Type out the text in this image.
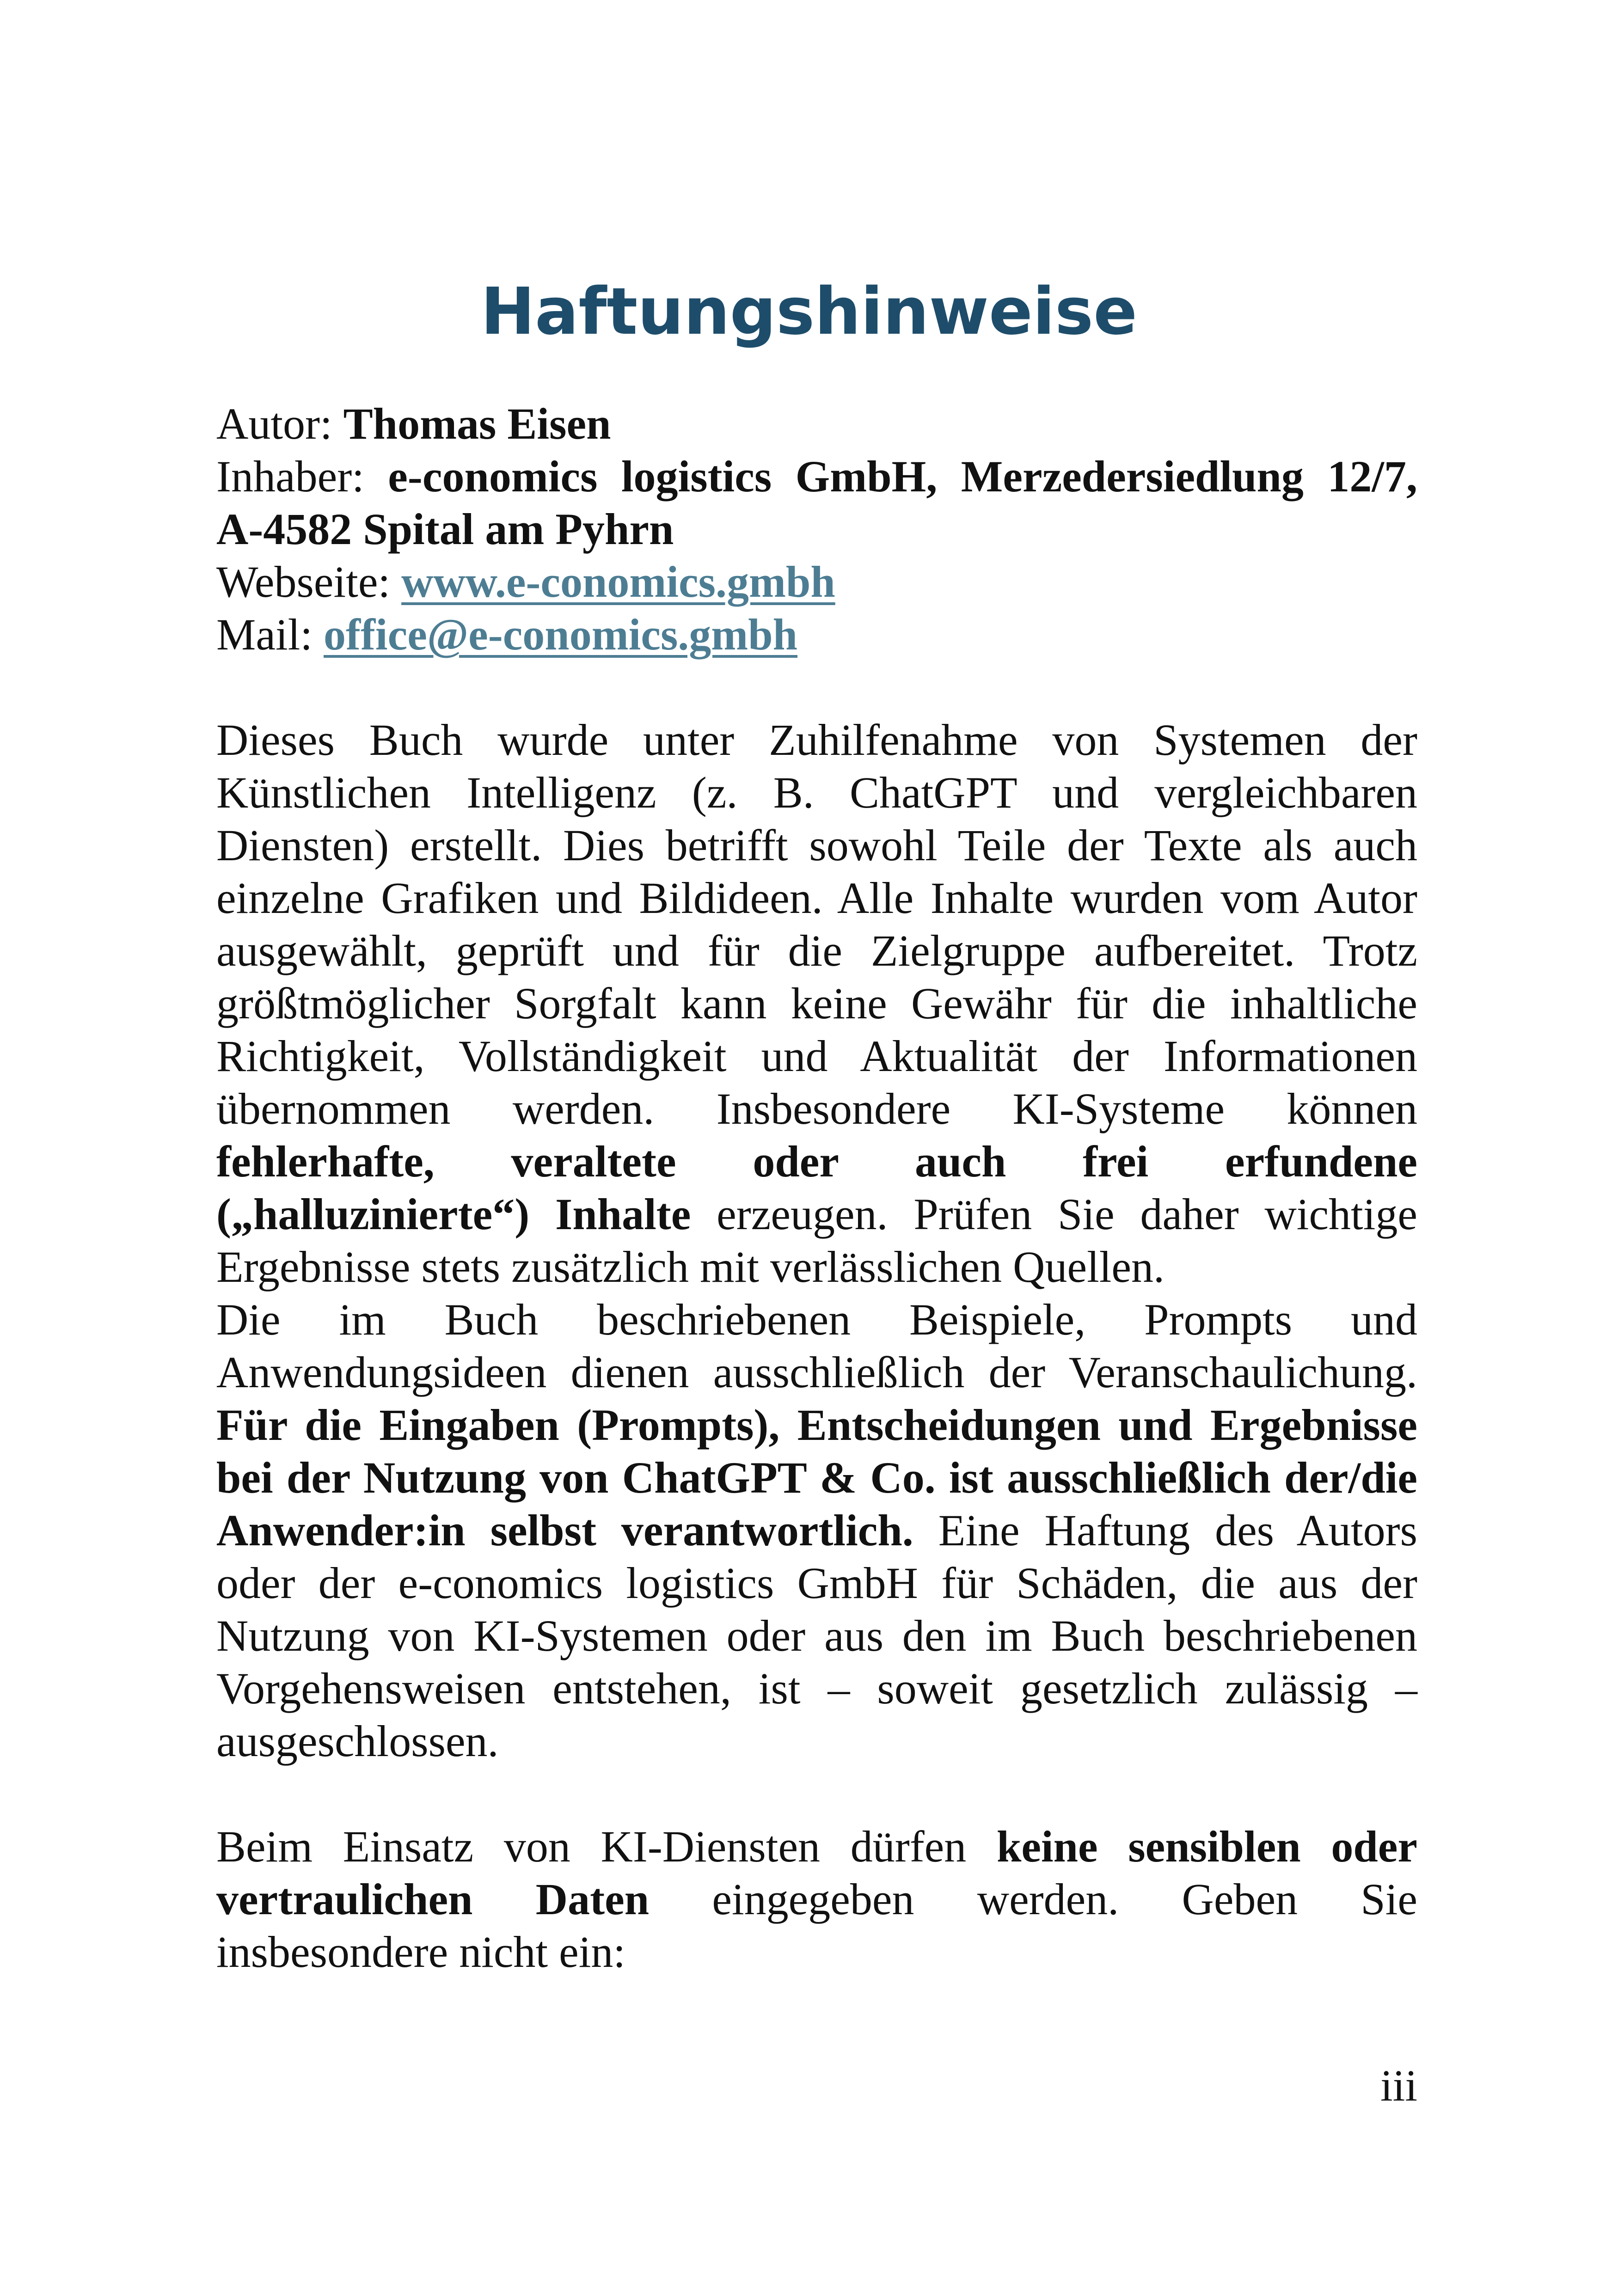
Haftungshinweise
Autor: Thomas Eisen
Inhaber: e-conomics logistics GmbH, Merzedersiedlung 12/7,
A-4582 Spital am Pyhrn
Webseite: www.e-conomics.gmbh
Mail: office@e-conomics.gmbh
Dieses Buch wurde unter Zuhilfenahme von Systemen der
Künstlichen Intelligenz (z. B. ChatGPT und vergleichbaren
Diensten) erstellt. Dies betrifft sowohl Teile der Texte als auch
einzelne Grafiken und Bildideen. Alle Inhalte wurden vom Autor
ausgewählt, geprüft und für die Zielgruppe aufbereitet. Trotz
größtmöglicher Sorgfalt kann keine Gewähr für die inhaltliche
Richtigkeit, Vollständigkeit und Aktualität der Informationen
übernommen werden. Insbesondere KI-Systeme können
fehlerhafte, veraltete oder auch frei erfundene
(„halluzinierte“) Inhalte erzeugen. Prüfen Sie daher wichtige
Ergebnisse stets zusätzlich mit verlässlichen Quellen.
Die im Buch beschriebenen Beispiele, Prompts und
Anwendungsideen dienen ausschließlich der Veranschaulichung.
Für die Eingaben (Prompts), Entscheidungen und Ergebnisse
bei der Nutzung von ChatGPT & Co. ist ausschließlich der/die
Anwender:in selbst verantwortlich. Eine Haftung des Autors
oder der e-conomics logistics GmbH für Schäden, die aus der
Nutzung von KI-Systemen oder aus den im Buch beschriebenen
Vorgehensweisen entstehen, ist – soweit gesetzlich zulässig –
ausgeschlossen.
Beim Einsatz von KI-Diensten dürfen keine sensiblen oder
vertraulichen Daten eingegeben werden. Geben Sie
insbesondere nicht ein:
iii
